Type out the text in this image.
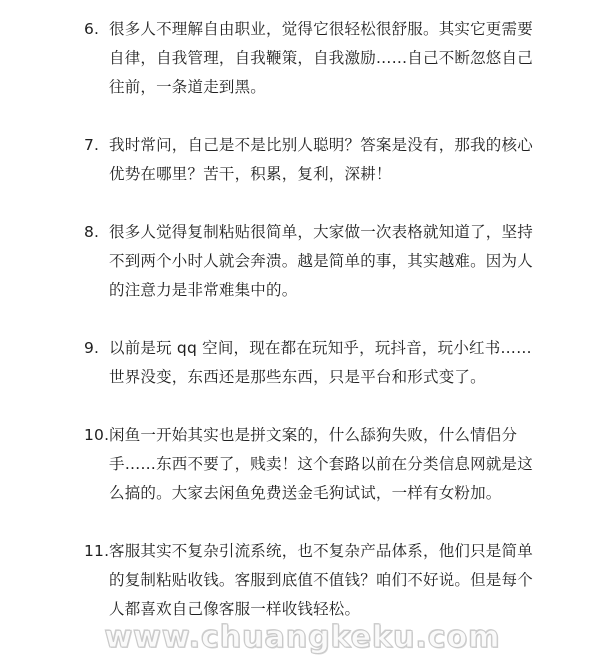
6. 很多人不理解自由职业，觉得它很轻松很舒服。其实它更需要
自律，自我管理，自我鞭策，自我激励……自己不断忽悠自己
往前，一条道走到黑。
7. 我时常问，自己是不是比别人聪明？答案是没有，那我的核心
优势在哪里？苦干，积累，复利，深耕！
8. 很多人觉得复制粘贴很简单，大家做一次表格就知道了，坚持
不到两个小时人就会奔溃。越是简单的事，其实越难。因为人
的注意力是非常难集中的。
9. 以前是玩 qq 空间，现在都在玩知乎，玩抖音，玩小红书……
世界没变，东西还是那些东西，只是平台和形式变了。
10. 闲鱼一开始其实也是拼文案的，什么舔狗失败，什么情侣分
手……东西不要了，贱卖！这个套路以前在分类信息网就是这
么搞的。大家去闲鱼免费送金毛狗试试，一样有女粉加。
11. 客服其实不复杂引流系统，也不复杂产品体系，他们只是简单
的复制粘贴收钱。客服到底值不值钱？咱们不好说。但是每个
人都喜欢自己像客服一样收钱轻松。
www.chuangkeku.com
